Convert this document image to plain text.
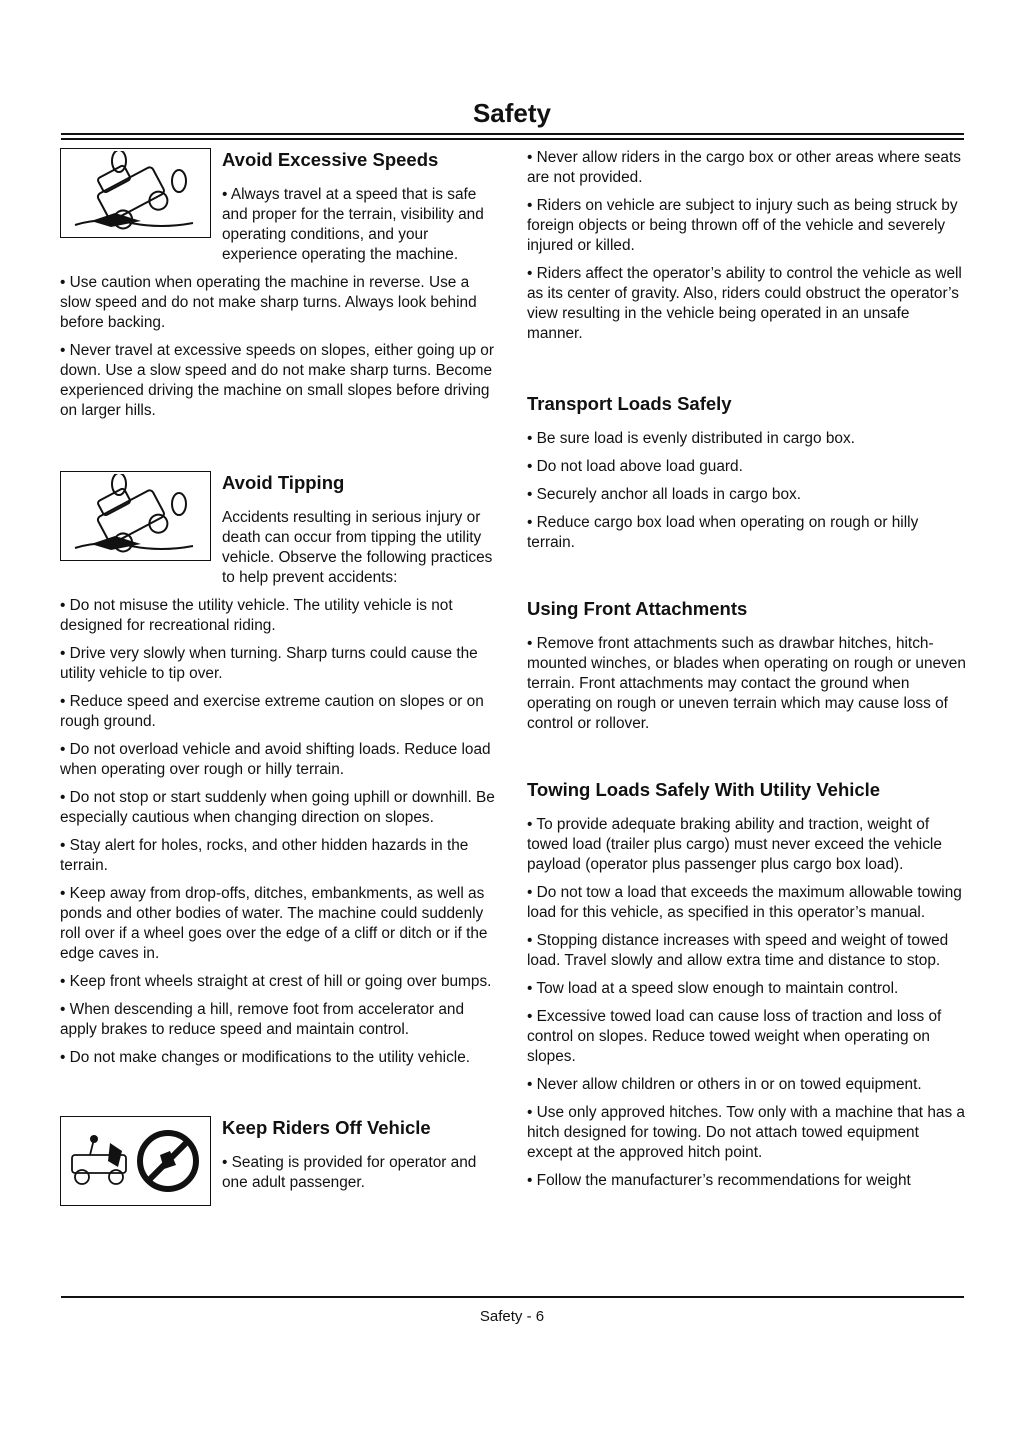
Safety
Avoid Excessive Speeds

• Always travel at a speed that is safe and proper for the terrain, visibility and operating conditions, and your experience operating the machine.

• Use caution when operating the machine in reverse. Use a slow speed and do not make sharp turns. Always look behind before backing.

• Never travel at excessive speeds on slopes, either going up or down. Use a slow speed and do not make sharp turns. Become experienced driving the machine on small slopes before driving on larger hills.

Avoid Tipping

Accidents resulting in serious injury or death can occur from tipping the utility vehicle. Observe the following practices to help prevent accidents:

• Do not misuse the utility vehicle. The utility vehicle is not designed for recreational riding.

• Drive very slowly when turning. Sharp turns could cause the utility vehicle to tip over.

• Reduce speed and exercise extreme caution on slopes or on rough ground.

• Do not overload vehicle and avoid shifting loads. Reduce load when operating over rough or hilly terrain.

• Do not stop or start suddenly when going uphill or downhill. Be especially cautious when changing direction on slopes.

• Stay alert for holes, rocks, and other hidden hazards in the terrain.

• Keep away from drop-offs, ditches, embankments, as well as ponds and other bodies of water. The machine could suddenly roll over if a wheel goes over the edge of a cliff or ditch or if the edge caves in.

• Keep front wheels straight at crest of hill or going over bumps.

• When descending a hill, remove foot from accelerator and apply brakes to reduce speed and maintain control.

• Do not make changes or modifications to the utility vehicle.

Keep Riders Off Vehicle

• Seating is provided for operator and one adult passenger.

• Never allow riders in the cargo box or other areas where seats are not provided.

• Riders on vehicle are subject to injury such as being struck by foreign objects or being thrown off of the vehicle and severely injured or killed.

• Riders affect the operator’s ability to control the vehicle as well as its center of gravity. Also, riders could obstruct the operator’s view resulting in the vehicle being operated in an unsafe manner.

Transport Loads Safely

• Be sure load is evenly distributed in cargo box.

• Do not load above load guard.

• Securely anchor all loads in cargo box.

• Reduce cargo box load when operating on rough or hilly terrain.

Using Front Attachments

• Remove front attachments such as drawbar hitches, hitch-mounted winches, or blades when operating on rough or uneven terrain. Front attachments may contact the ground when operating on rough or uneven terrain which may cause loss of control or rollover.

Towing Loads Safely With Utility Vehicle

• To provide adequate braking ability and traction, weight of towed load (trailer plus cargo) must never exceed the vehicle payload (operator plus passenger plus cargo box load).

• Do not tow a load that exceeds the maximum allowable towing load for this vehicle, as specified in this operator’s manual.

• Stopping distance increases with speed and weight of towed load. Travel slowly and allow extra time and distance to stop.

• Tow load at a speed slow enough to maintain control.

• Excessive towed load can cause loss of traction and loss of control on slopes. Reduce towed weight when operating on slopes.

• Never allow children or others in or on towed equipment.

• Use only approved hitches. Tow only with a machine that has a hitch designed for towing. Do not attach towed equipment except at the approved hitch point.

• Follow the manufacturer’s recommendations for weight

Safety - 6
